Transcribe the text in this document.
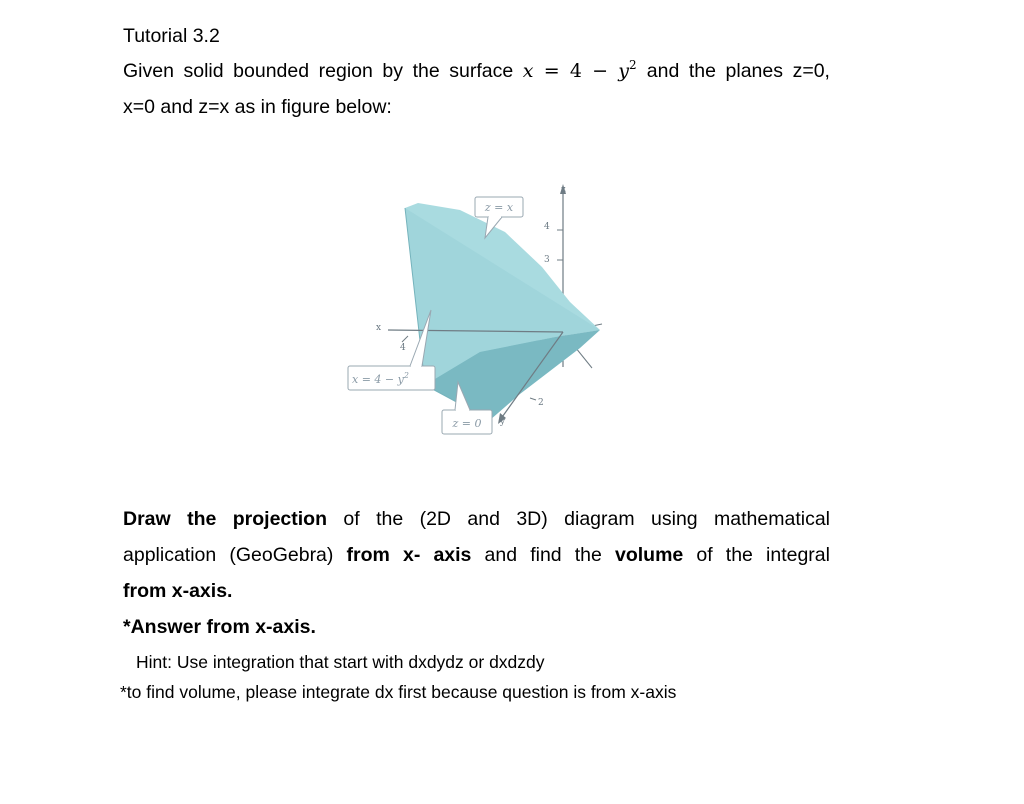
Tutorial 3.2
Given solid bounded region by the surface $x = 4 - y^2$ and the planes z=0,
x=0 and z=x as in figure below:
z
4
3
x
4
2
y
z = x
$x = 4 - y^2$
z = 0
Draw the projection of the (2D and 3D) diagram using mathematical
application (GeoGebra) from x- axis and find the volume of the integral
from x-axis.
*Answer from x-axis.
Hint: Use integration that start with dxdydz or dxdzdy
*to find volume, please integrate dx first because question is from x-axis
